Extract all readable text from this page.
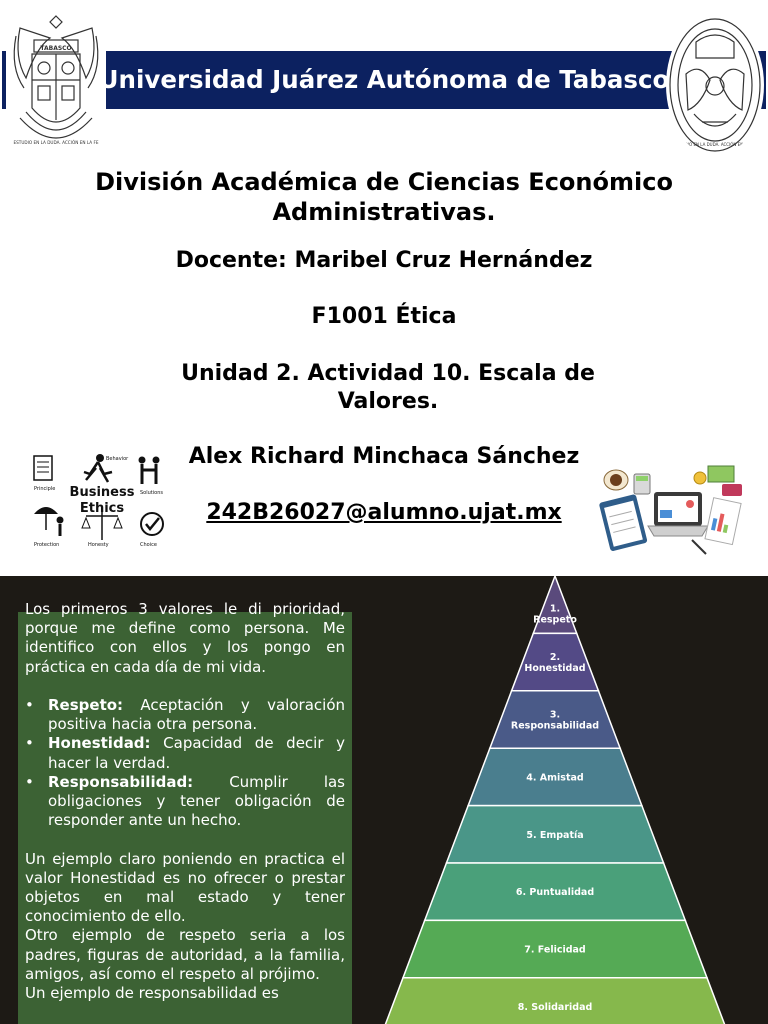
Universidad Juárez Autónoma de Tabasco
TABASCO
ESTUDIO EN LA DUDA. ACCIÓN EN LA FE	ESTUDIO EN LA DUDA. ACCIÓN EN LA FE
División Académica de Ciencias Económico Administrativas.
Docente: Maribel Cruz Hernández
F1001 Ética
Unidad 2. Actividad 10. Escala de Valores.
Alex Richard Minchaca Sánchez
242B26027@alumno.ujat.mx
Business
Ethics
Principle
Behavior
Solutions
Protection	Honesty	Choice

Los primeros 3 valores le di prioridad, porque me define como persona. Me identifico con ellos y los pongo en práctica en cada día de mi vida.

• Respeto: Aceptación y valoración positiva hacia otra persona.
• Honestidad: Capacidad de decir y hacer la verdad.
• Responsabilidad: Cumplir las obligaciones y tener obligación de responder ante un hecho.

Un ejemplo claro poniendo en practica el valor Honestidad es no ofrecer o prestar objetos en mal estado y tener conocimiento de ello.

Otro ejemplo de respeto seria a los padres, figuras de autoridad, a la familia, amigos, así como el respeto al prójimo.

Un ejemplo de responsabilidad es

1.
Respeto
2.
Honestidad
3.
Responsabilidad
4. Amistad
5. Empatía
6. Puntualidad
7. Felicidad
8. Solidaridad
